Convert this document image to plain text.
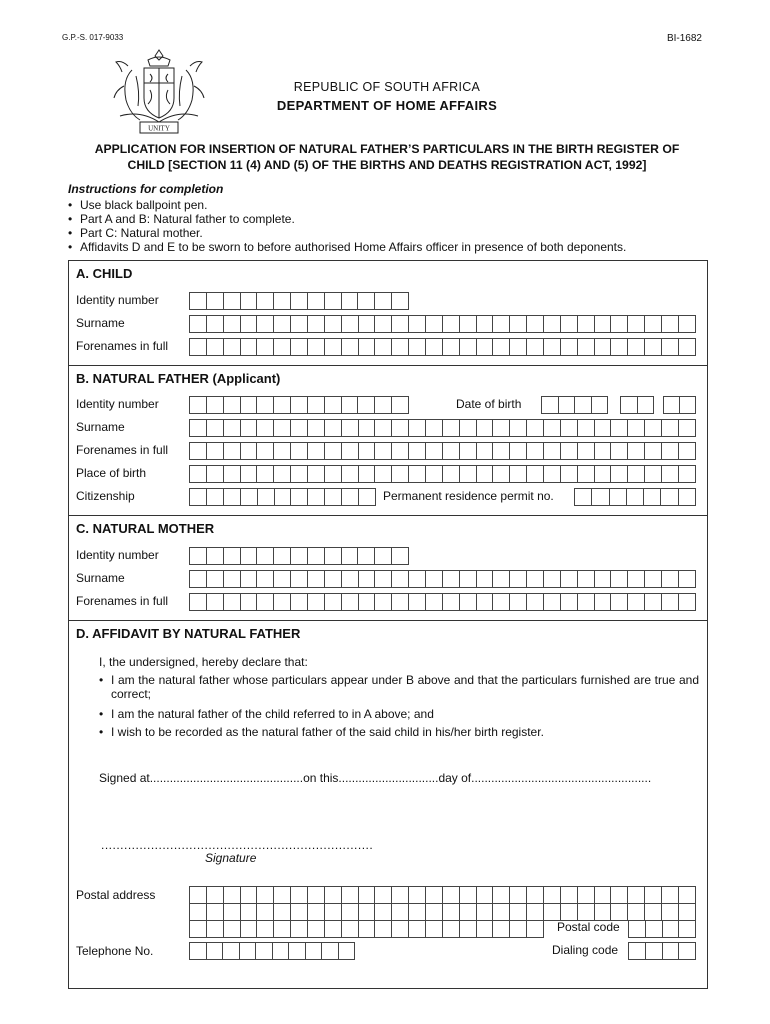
G.P.-S. 017-9033	BI-1682
UNITY
REPUBLIC OF SOUTH AFRICA
DEPARTMENT OF HOME AFFAIRS
APPLICATION FOR INSERTION OF NATURAL FATHER’S PARTICULARS IN THE BIRTH REGISTER OF
CHILD [SECTION 11 (4) AND (5) OF THE BIRTHS AND DEATHS REGISTRATION ACT, 1992]
Instructions for completion
• Use black ballpoint pen.
• Part A and B: Natural father to complete.
• Part C: Natural mother.
• Affidavits D and E to be sworn to before authorised Home Affairs officer in presence of both deponents.
A. CHILD
Identity number
Surname
Forenames in full
B. NATURAL FATHER (Applicant)
Identity number	Date of birth
Surname
Forenames in full
Place of birth
Citizenship	Permanent residence permit no.
C. NATURAL MOTHER
Identity number
Surname
Forenames in full
D. AFFIDAVIT BY NATURAL FATHER
I, the undersigned, hereby declare that:
• I am the natural father whose particulars appear under B above and that the particulars furnished are true and correct;
• I am the natural father of the child referred to in A above; and
• I wish to be recorded as the natural father of the said child in his/her birth register.
Signed at..............................................on this..............................day of......................................................
.......................................................................
Signature
Postal address
Postal code
Telephone No.	Dialing code
